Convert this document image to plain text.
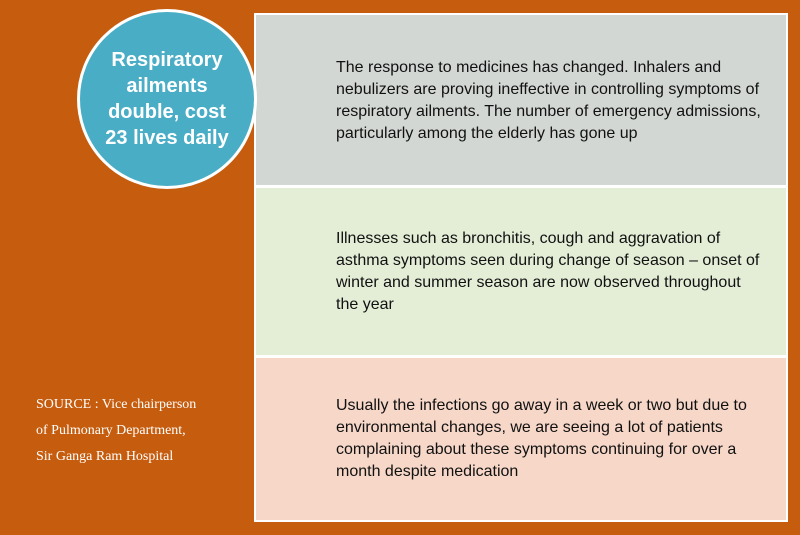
Respiratory
ailments
double, cost
23 lives daily
The response to medicines has changed. Inhalers and nebulizers are proving ineffective in controlling symptoms of respiratory ailments. The number of emergency admissions, particularly among the elderly has gone up
Illnesses such as bronchitis, cough and aggravation of asthma symptoms seen during change of season – onset of winter and summer season are now observed throughout the year
Usually the infections go away in a week or two but due to environmental changes, we are seeing a lot of patients complaining about these symptoms continuing for over a month despite medication
SOURCE : Vice chairperson
of Pulmonary Department,
Sir Ganga Ram Hospital
